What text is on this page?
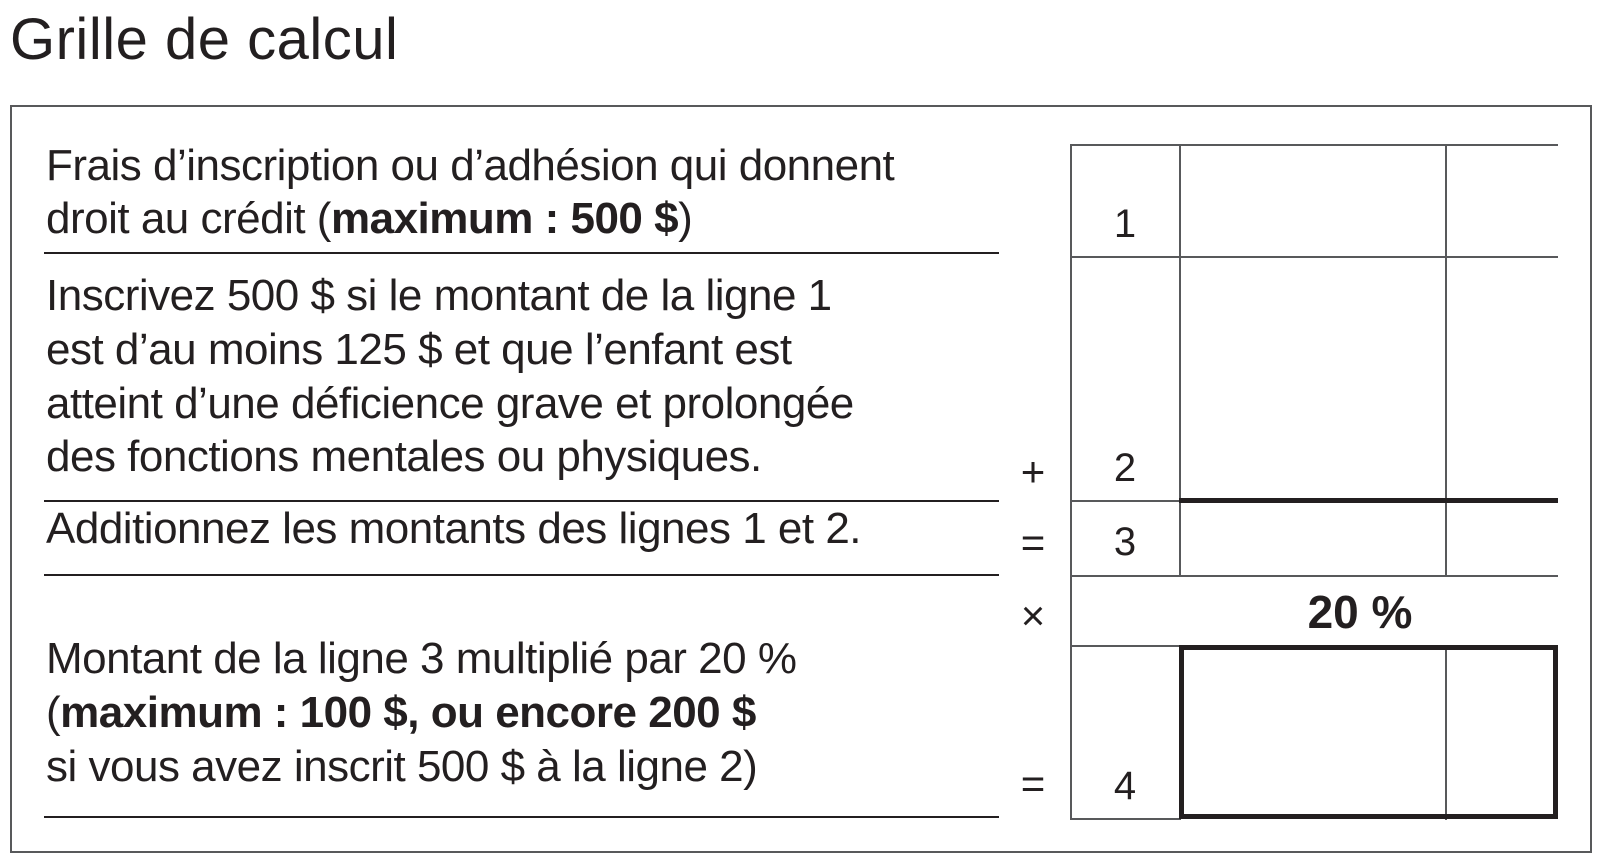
Grille de calcul
Frais d’inscription ou d’adhésion qui donnent
droit au crédit (maximum : 500 $)
Inscrivez 500 $ si le montant de la ligne 1
est d’au moins 125 $ et que l’enfant est
atteint d’une déficience grave et prolongée
des fonctions mentales ou physiques.
Additionnez les montants des lignes 1 et 2.
Montant de la ligne 3 multiplié par 20 %
(maximum : 100 $, ou encore 200 $
si vous avez inscrit 500 $ à la ligne 2)
+
=
×
=
1
2
3
4
20 %
